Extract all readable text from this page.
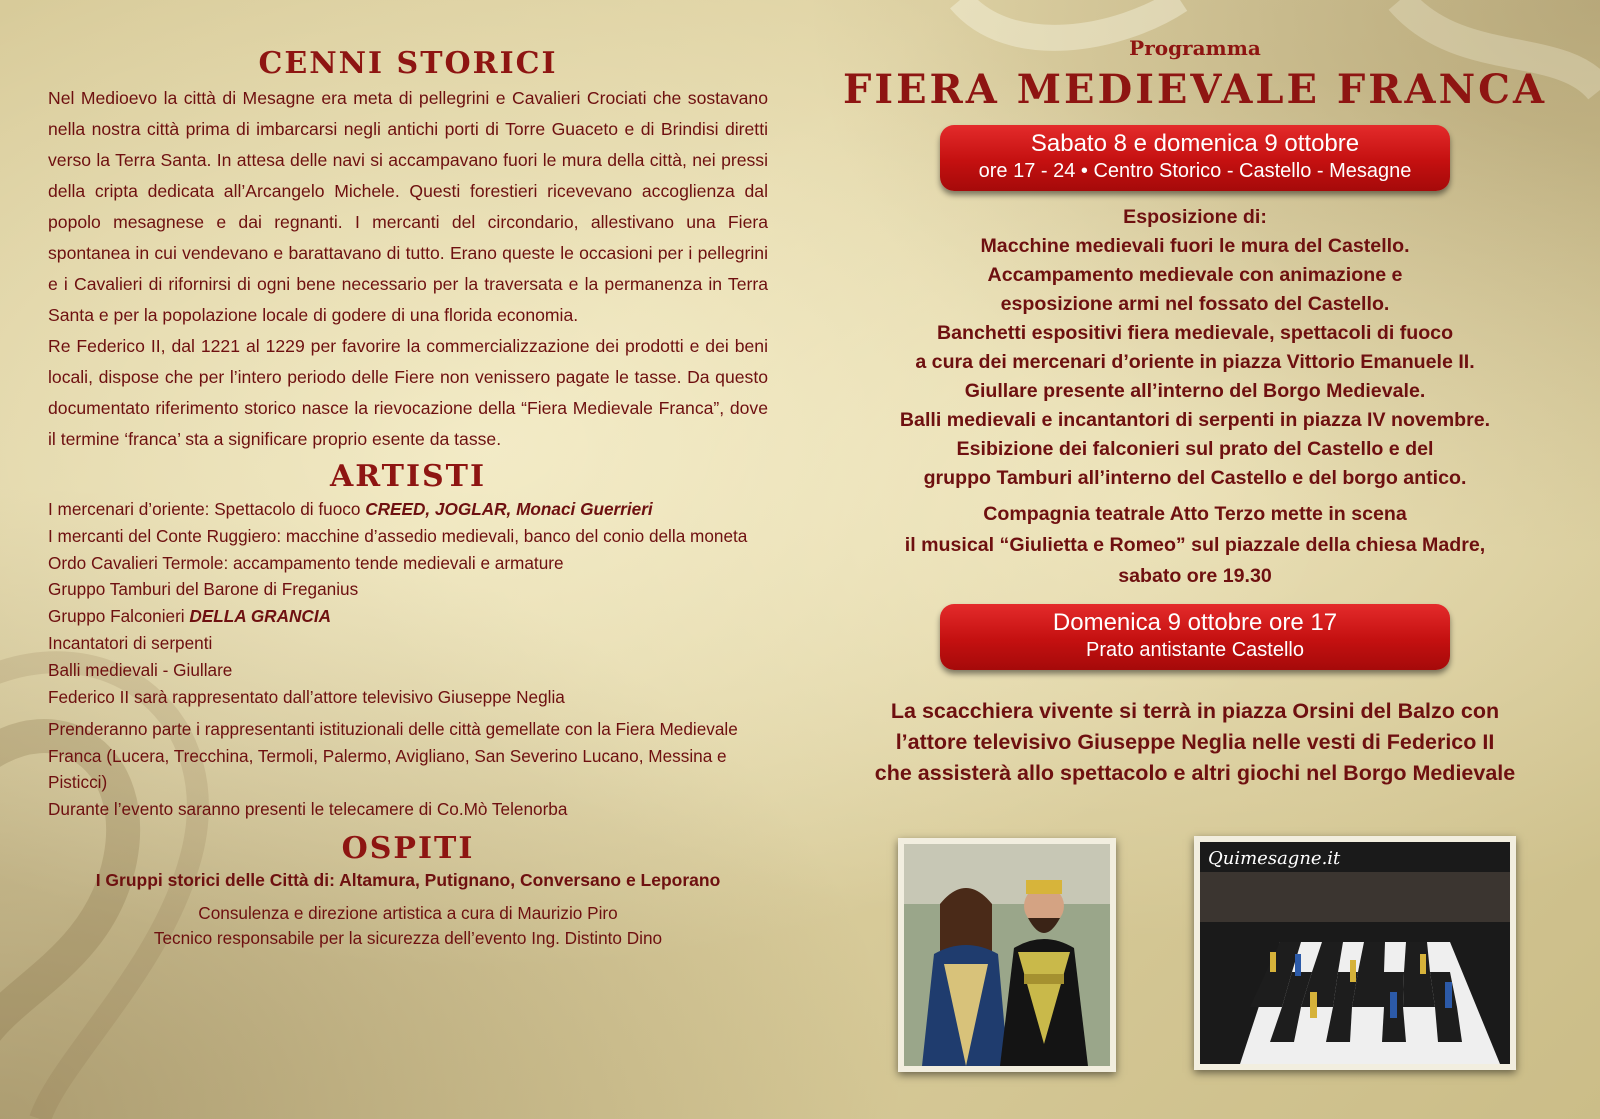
CENNI STORICI

Nel Medioevo la città di Mesagne era meta di pellegrini e Cavalieri Crociati che sostavano nella nostra città prima di imbarcarsi negli antichi porti di Torre Guaceto e di Brindisi diretti verso la Terra Santa. In attesa delle navi si accampavano fuori le mura della città, nei pressi della cripta dedicata all’Arcangelo Michele. Questi forestieri ricevevano accoglienza dal popolo mesagnese e dai regnanti. I mercanti del circondario, allestivano una Fiera spontanea in cui vendevano e barattavano di tutto. Erano queste le occasioni per i pellegrini e i Cavalieri di rifornirsi di ogni bene necessario per la traversata e la permanenza in Terra Santa e per la popolazione locale di godere di una florida economia.

Re Federico II, dal 1221 al 1229 per favorire la commercializzazione dei prodotti e dei beni locali, dispose che per l’intero periodo delle Fiere non venissero pagate le tasse. Da questo documentato riferimento storico nasce la rievocazione della “Fiera Medievale Franca”, dove il termine ‘franca’ sta a significare proprio esente da tasse.

ARTISTI

I mercenari d’oriente: Spettacolo di fuoco CREED, JOGLAR, Monaci Guerrieri

I mercanti del Conte Ruggiero: macchine d’assedio medievali, banco del conio della moneta

Ordo Cavalieri Termole: accampamento tende medievali e armature

Gruppo Tamburi del Barone di Freganius

Gruppo Falconieri DELLA GRANCIA

Incantatori di serpenti

Balli medievali - Giullare

Federico II sarà rappresentato dall’attore televisivo Giuseppe Neglia

Prenderanno parte i rappresentanti istituzionali delle città gemellate con la Fiera Medievale Franca (Lucera, Trecchina, Termoli, Palermo, Avigliano, San Severino Lucano, Messina e Pisticci)

Durante l’evento saranno presenti le telecamere di Co.Mò Telenorba

OSPITI

I Gruppi storici delle Città di: Altamura, Putignano, Conversano e Leporano

Consulenza e direzione artistica a cura di Maurizio Piro

Tecnico responsabile per la sicurezza dell’evento Ing. Distinto Dino

Programma

FIERA MEDIEVALE FRANCA
Sabato 8 e domenica 9 ottobre
ore 17 - 24 • Centro Storico - Castello - Mesagne

Esposizione di:

Macchine medievali fuori le mura del Castello.

Accampamento medievale con animazione e

esposizione armi nel fossato del Castello.

Banchetti espositivi fiera medievale, spettacoli di fuoco

a cura dei mercenari d’oriente in piazza Vittorio Emanuele II.

Giullare presente all’interno del Borgo Medievale.

Balli medievali e incantantori di serpenti in piazza IV novembre.

Esibizione dei falconieri sul prato del Castello e del

gruppo Tamburi all’interno del Castello e del borgo antico.

Compagnia teatrale Atto Terzo mette in scena

il musical “Giulietta e Romeo” sul piazzale della chiesa Madre,

sabato ore 19.30

Domenica 9 ottobre ore 17
Prato antistante Castello

La scacchiera vivente si terrà in piazza Orsini del Balzo con

l’attore televisivo Giuseppe Neglia nelle vesti di Federico II

che assisterà allo spettacolo e altri giochi nel Borgo Medievale

Quimesagne.it
